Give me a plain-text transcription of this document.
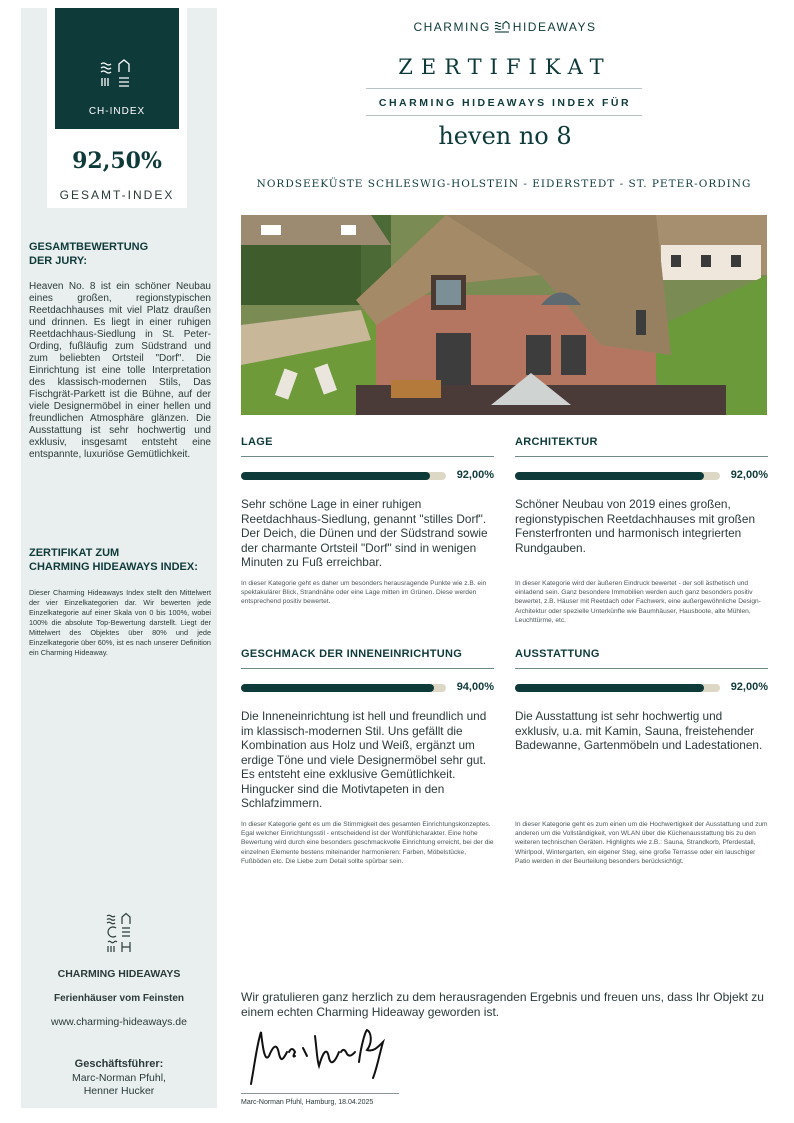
CH-INDEX
92,50%
GESAMT-INDEX
GESAMTBEWERTUNG
DER JURY:
Heaven No. 8 ist ein schöner Neubau eines großen, regionstypischen Reetdachhauses mit viel Platz draußen und drinnen. Es liegt in einer ruhigen Reetdachhaus-Siedlung in St. Peter-Ording, fußläufig zum Südstrand und zum beliebten Ortsteil "Dorf". Die Einrichtung ist eine tolle Interpretation des klassisch-modernen Stils, Das Fischgrät-Parkett ist die Bühne, auf der viele Designermöbel in einer hellen und freundlichen Atmosphäre glänzen. Die Ausstattung ist sehr hochwertig und exklusiv, insgesamt entsteht eine entspannte, luxuriöse Gemütlichkeit.
ZERTIFIKAT ZUM
CHARMING HIDEAWAYS INDEX:
Dieser Charming Hideaways Index stellt den Mittelwert der vier Einzelkategorien dar. Wir bewerten jede Einzelkategorie auf einer Skala von 0 bis 100%, wobei 100% die absolute Top-Bewertung darstellt. Liegt der Mittelwert des Objektes über 80% und jede Einzelkategorie über 60%, ist es nach unserer Definition ein Charming Hideaway.
CHARMING HIDEAWAYS
Ferienhäuser vom Feinsten
www.charming-hideaways.de
Geschäftsführer:
Marc-Norman Pfuhl,
Henner Hucker
CHARMING HIDEAWAYS
ZERTIFIKAT
CHARMING HIDEAWAYS INDEX FÜR
heven no 8
NORDSEEKÜSTE SCHLESWIG-HOLSTEIN - EIDERSTEDT - ST. PETER-ORDING
LAGE
92,00%
Sehr schöne Lage in einer ruhigen Reetdachhaus-Siedlung, genannt "stilles Dorf". Der Deich, die Dünen und der Südstrand sowie der charmante Ortsteil "Dorf" sind in wenigen Minuten zu Fuß erreichbar.
In dieser Kategorie geht es daher um besonders herausragende Punkte wie z.B. ein spektakulärer Blick, Strandnähe oder eine Lage mitten im Grünen. Diese werden entsprechend positiv bewertet.
ARCHITEKTUR
92,00%
Schöner Neubau von 2019 eines großen, regionstypischen Reetdachhauses mit großen Fensterfronten und harmonisch integrierten Rundgauben.
In dieser Kategorie wird der äußeren Eindruck bewertet - der soll ästhetisch und einladend sein. Ganz besondere Immobilien werden auch ganz besonders positiv bewertet, z.B. Häuser mit Reetdach oder Fachwerk, eine außergewöhnliche Design-Architektur oder spezielle Unterkünfte wie Baumhäuser, Hausboote, alte Mühlen, Leuchttürme, etc.
GESCHMACK DER INNENEINRICHTUNG
94,00%
Die Inneneinrichtung ist hell und freundlich und im klassisch-modernen Stil. Uns gefällt die Kombination aus Holz und Weiß, ergänzt um erdige Töne und viele Designermöbel sehr gut. Es entsteht eine exklusive Gemütlichkeit. Hingucker sind die Motivtapeten in den Schlafzimmern.
In dieser Kategorie geht es um die Stimmigkeit des gesamten Einrichtungskonzeptes. Egal welcher Einrichtungsstil - entscheidend ist der Wohlfühlcharakter. Eine hohe Bewertung wird durch eine besonders geschmackvolle Einrichtung erreicht, bei der die einzelnen Elemente bestens miteinander harmonieren: Farben, Möbelstücke, Fußböden etc. Die Liebe zum Detail sollte spürbar sein.
AUSSTATTUNG
92,00%
Die Ausstattung ist sehr hochwertig und exklusiv, u.a. mit Kamin, Sauna, freistehender Badewanne, Gartenmöbeln und Ladestationen.
In dieser Kategorie geht es zum einen um die Hochwertigkeit der Ausstattung und zum anderen um die Vollständigkeit, von WLAN über die Küchenausstattung bis zu den weiteren technischen Geräten. Highlights wie z.B.: Sauna, Strandkorb, Pferdestall, Whirlpool, Wintergarten, ein eigener Steg, eine große Terrasse oder ein lauschiger Patio werden in der Beurteilung besonders berücksichtigt.
Wir gratulieren ganz herzlich zu dem herausragenden Ergebnis und freuen uns, dass Ihr Objekt zu einem echten Charming Hideaway geworden ist.
Marc-Norman Pfuhl, Hamburg, 18.04.2025
